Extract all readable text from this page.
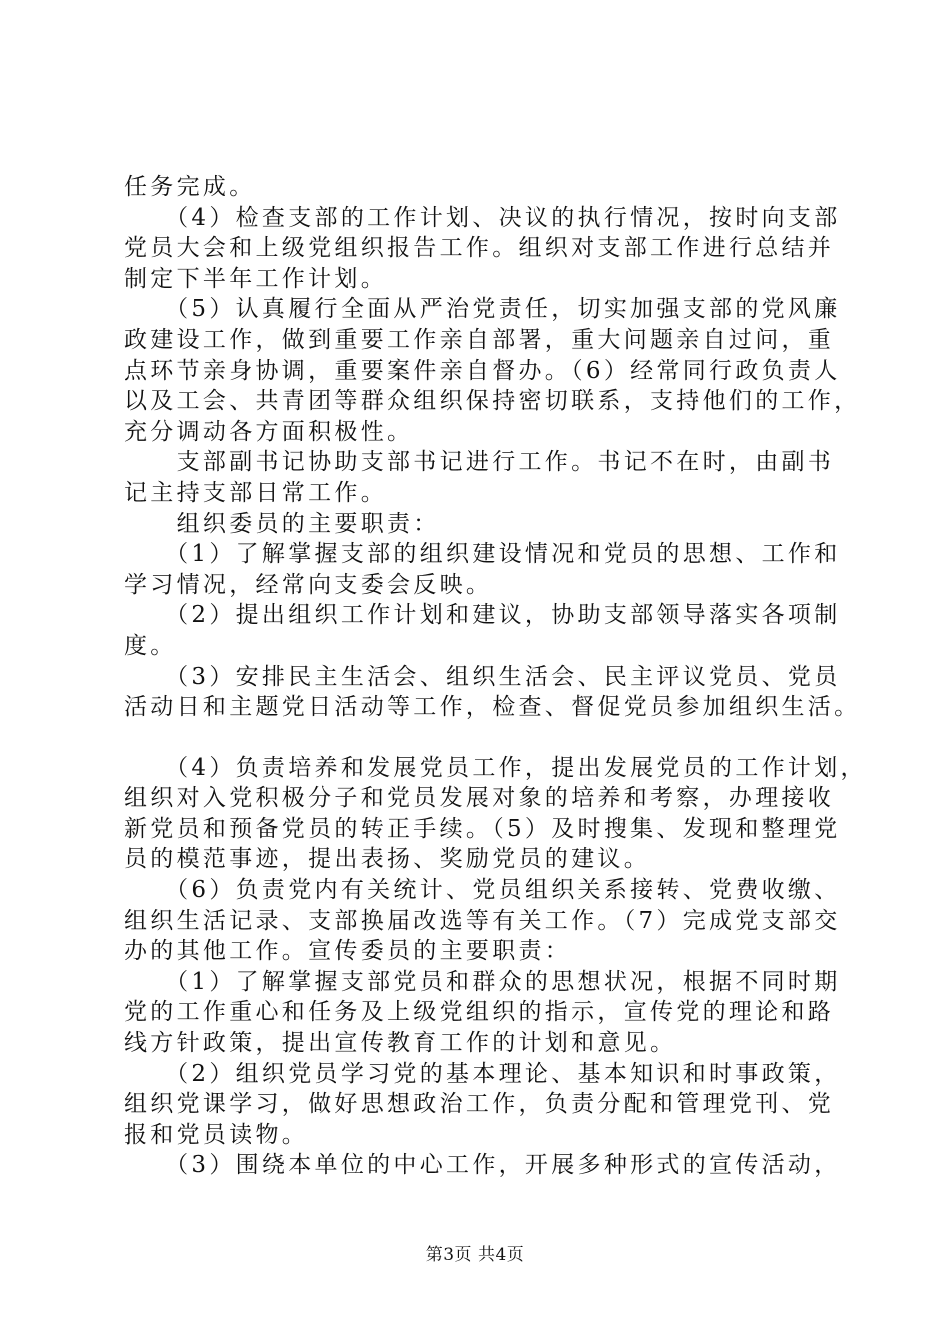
任务完成。
　　（4）检查支部的工作计划、决议的执行情况，按时向支部
党员大会和上级党组织报告工作。组织对支部工作进行总结并
制定下半年工作计划。
　　（5）认真履行全面从严治党责任，切实加强支部的党风廉
政建设工作，做到重要工作亲自部署，重大问题亲自过问，重
点环节亲身协调，重要案件亲自督办。（6）经常同行政负责人
以及工会、共青团等群众组织保持密切联系，支持他们的工作，
充分调动各方面积极性。
　　支部副书记协助支部书记进行工作。书记不在时，由副书
记主持支部日常工作。
　　组织委员的主要职责：
　　（1）了解掌握支部的组织建设情况和党员的思想、工作和
学习情况，经常向支委会反映。
　　（2）提出组织工作计划和建议，协助支部领导落实各项制
度。
　　（3）安排民主生活会、组织生活会、民主评议党员、党员
活动日和主题党日活动等工作，检查、督促党员参加组织生活。
　　（4）负责培养和发展党员工作，提出发展党员的工作计划，
组织对入党积极分子和党员发展对象的培养和考察，办理接收
新党员和预备党员的转正手续。（5）及时搜集、发现和整理党
员的模范事迹，提出表扬、奖励党员的建议。
　　（6）负责党内有关统计、党员组织关系接转、党费收缴、
组织生活记录、支部换届改选等有关工作。（7）完成党支部交
办的其他工作。宣传委员的主要职责：
　　（1）了解掌握支部党员和群众的思想状况，根据不同时期
党的工作重心和任务及上级党组织的指示，宣传党的理论和路
线方针政策，提出宣传教育工作的计划和意见。
　　（2）组织党员学习党的基本理论、基本知识和时事政策，
组织党课学习，做好思想政治工作，负责分配和管理党刊、党
报和党员读物。
　　（3）围绕本单位的中心工作，开展多种形式的宣传活动，
第3页 共4页
